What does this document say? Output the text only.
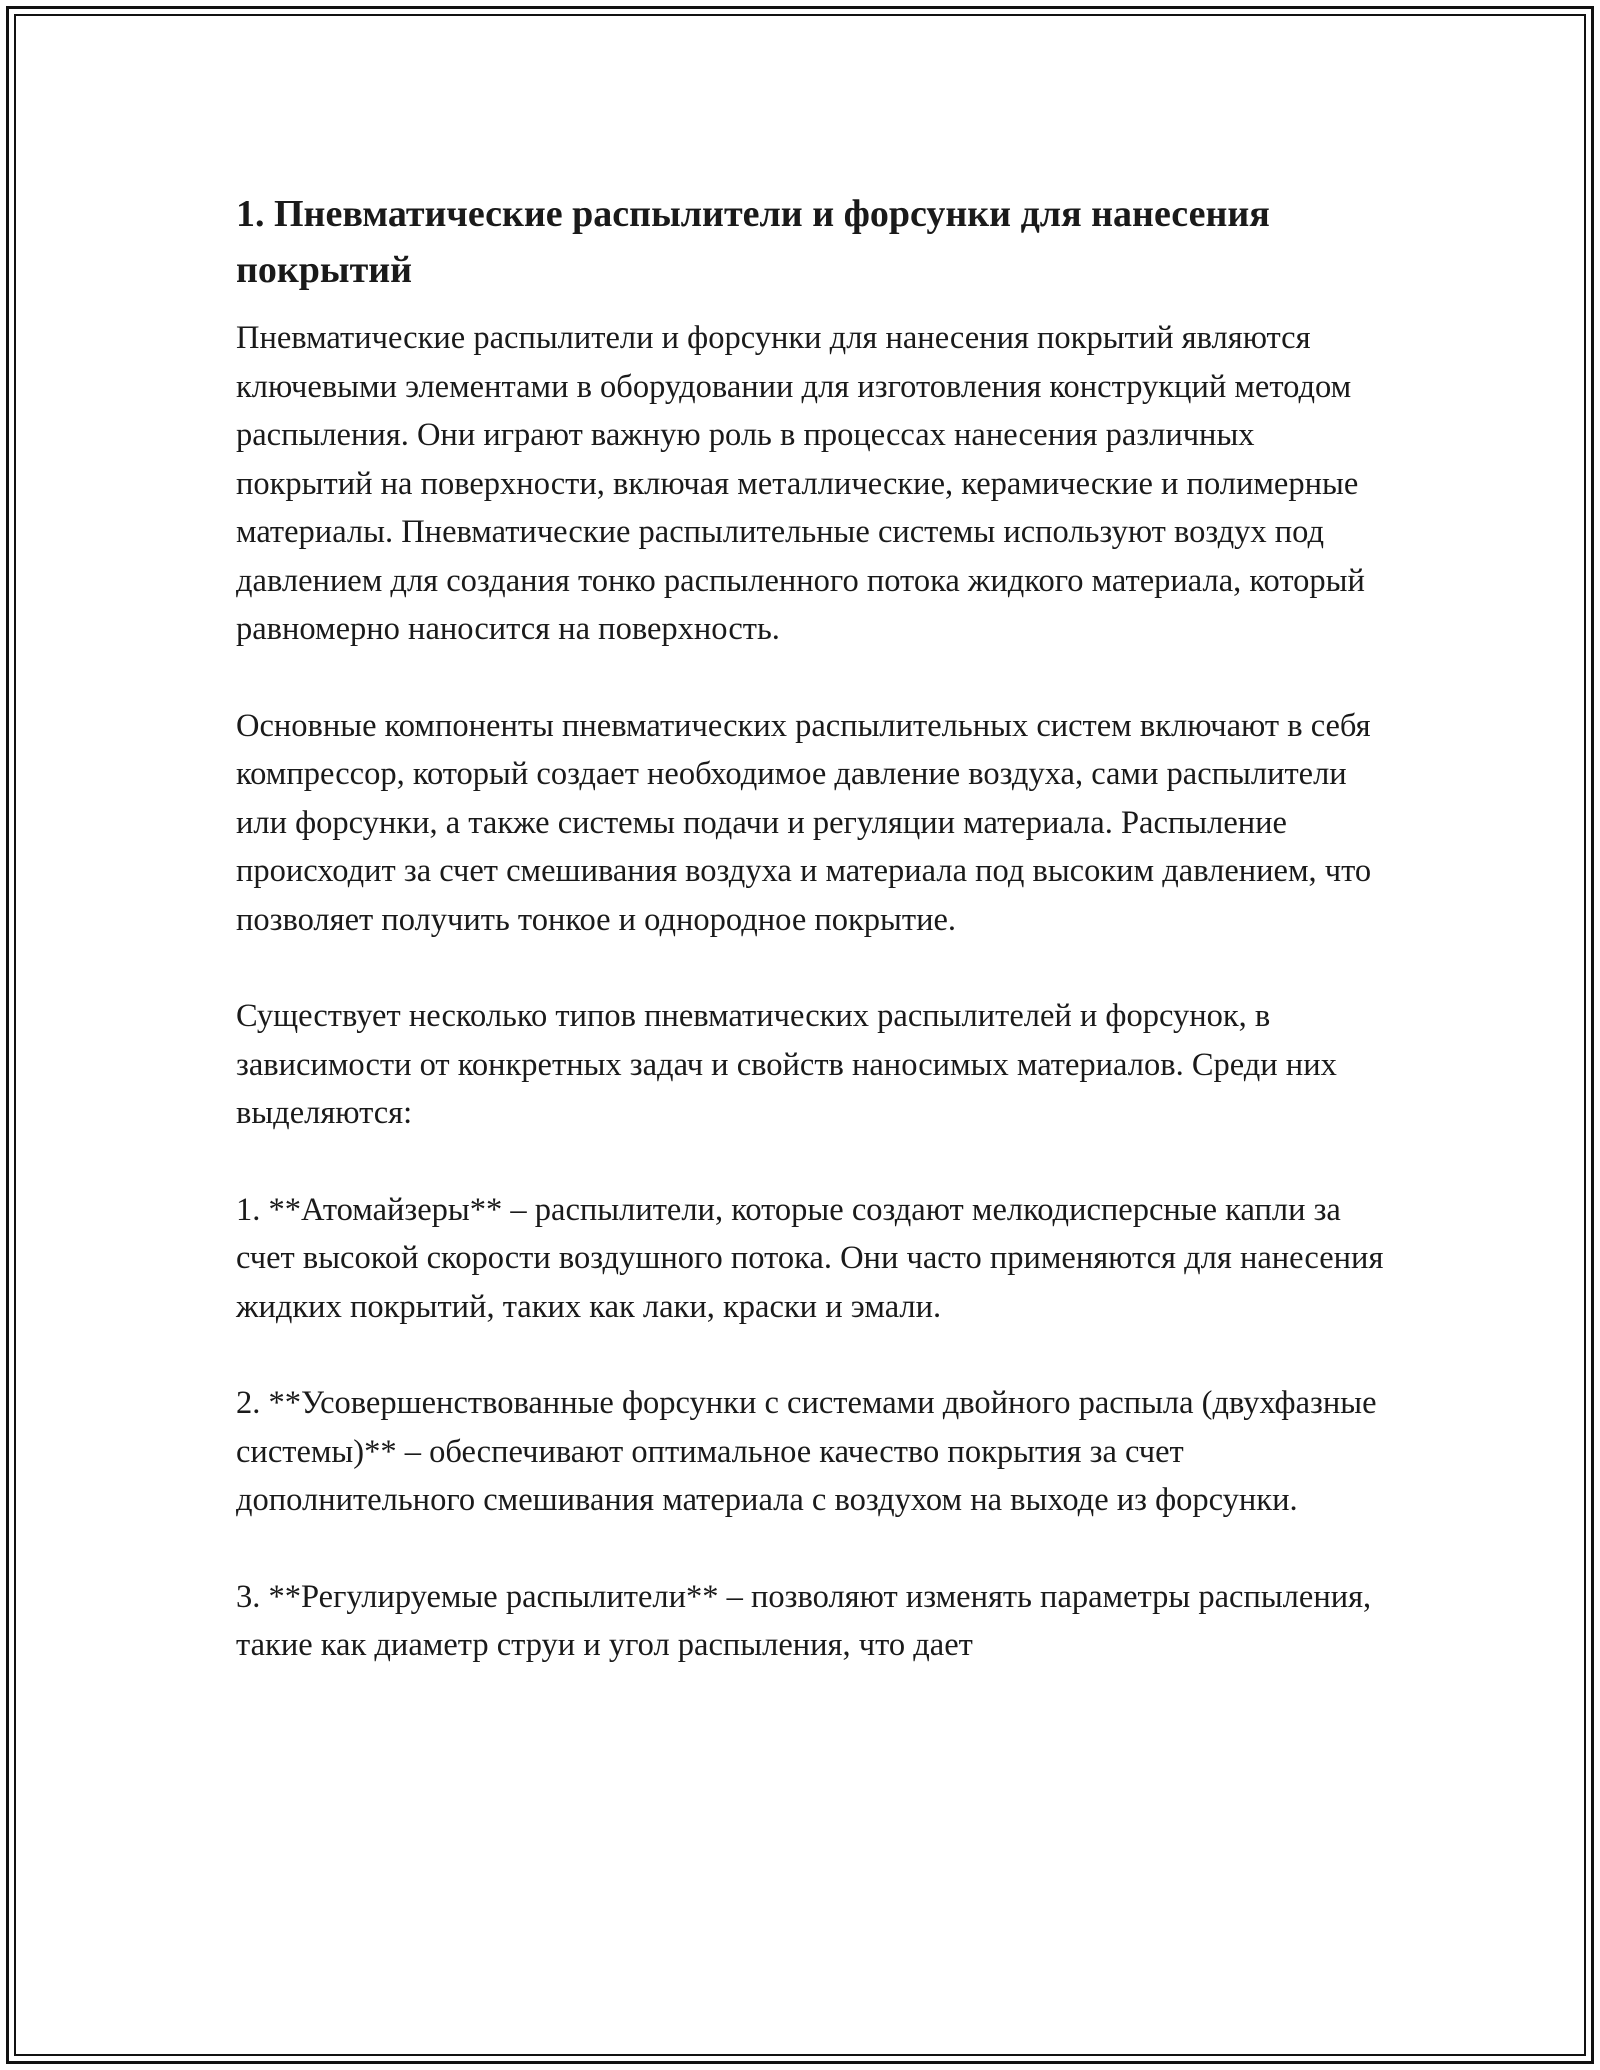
1. Пневматические распылители и форсунки для нанесения покрытий

Пневматические распылители и форсунки для нанесения покрытий являются ключевыми элементами в оборудовании для изготовления конструкций методом распыления. Они играют важную роль в процессах нанесения различных покрытий на поверхности, включая металлические, керамические и полимерные материалы. Пневматические распылительные системы используют воздух под давлением для создания тонко распыленного потока жидкого материала, который равномерно наносится на поверхность.

Основные компоненты пневматических распылительных систем включают в себя компрессор, который создает необходимое давление воздуха, сами распылители или форсунки, а также системы подачи и регуляции материала. Распыление происходит за счет смешивания воздуха и материала под высоким давлением, что позволяет получить тонкое и однородное покрытие.

Существует несколько типов пневматических распылителей и форсунок, в зависимости от конкретных задач и свойств наносимых материалов. Среди них выделяются:

1. **Атомайзеры** – распылители, которые создают мелкодисперсные капли за счет высокой скорости воздушного потока. Они часто применяются для нанесения жидких покрытий, таких как лаки, краски и эмали.

2. **Усовершенствованные форсунки с системами двойного распыла (двухфазные системы)** – обеспечивают оптимальное качество покрытия за счет дополнительного смешивания материала с воздухом на выходе из форсунки.

3. **Регулируемые распылители** – позволяют изменять параметры распыления, такие как диаметр струи и угол распыления, что дает
